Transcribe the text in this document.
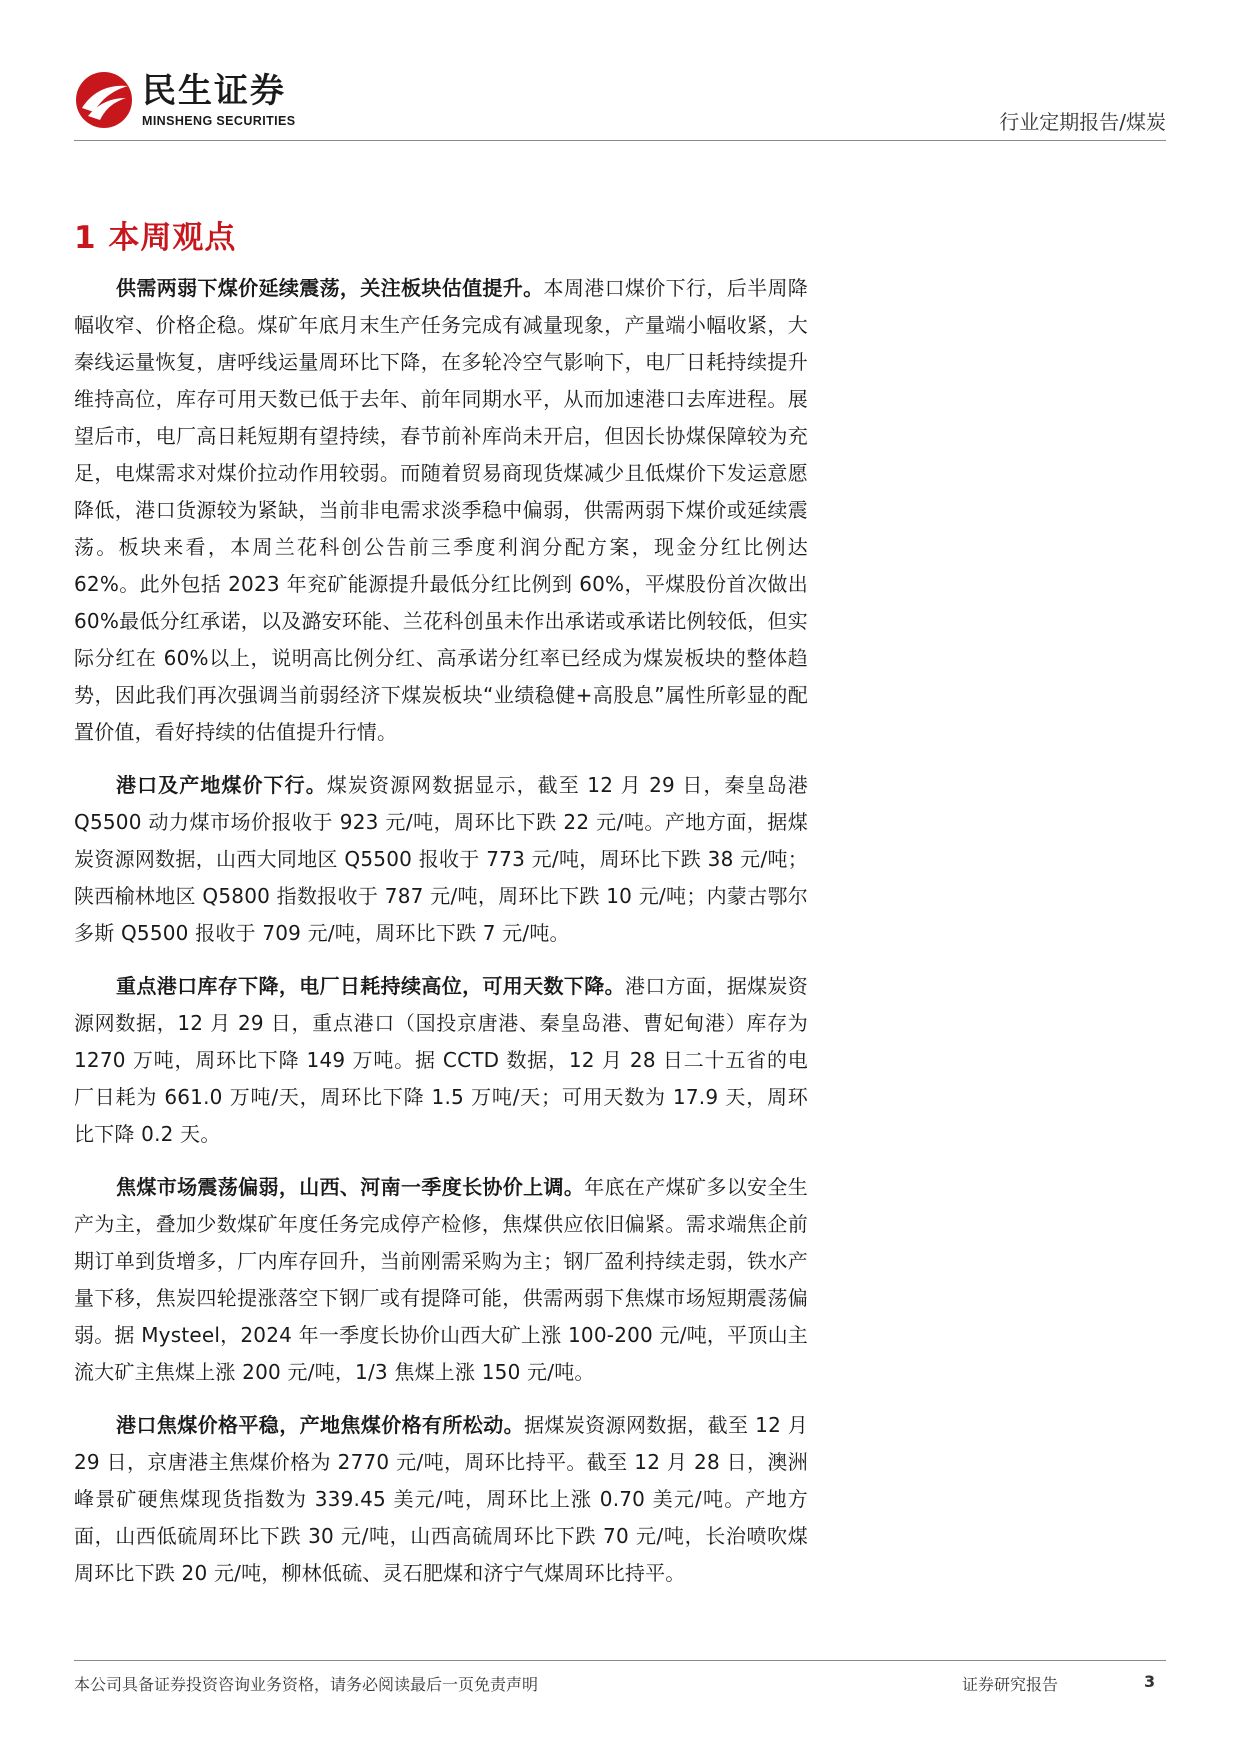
民生证券
MINSHENG SECURITIES	行业定期报告/煤炭
1 本周观点

供需两弱下煤价延续震荡，关注板块估值提升。本周港口煤价下行，后半周降幅收窄、价格企稳。煤矿年底月末生产任务完成有减量现象，产量端小幅收紧，大秦线运量恢复，唐呼线运量周环比下降，在多轮冷空气影响下，电厂日耗持续提升维持高位，库存可用天数已低于去年、前年同期水平，从而加速港口去库进程。展望后市，电厂高日耗短期有望持续，春节前补库尚未开启，但因长协煤保障较为充足，电煤需求对煤价拉动作用较弱。而随着贸易商现货煤减少且低煤价下发运意愿降低，港口货源较为紧缺，当前非电需求淡季稳中偏弱，供需两弱下煤价或延续震荡。板块来看，本周兰花科创公告前三季度利润分配方案，现金分红比例达 62%。此外包括 2023 年兖矿能源提升最低分红比例到 60%，平煤股份首次做出 60%最低分红承诺，以及潞安环能、兰花科创虽未作出承诺或承诺比例较低，但实际分红在 60%以上，说明高比例分红、高承诺分红率已经成为煤炭板块的整体趋势，因此我们再次强调当前弱经济下煤炭板块“业绩稳健+高股息”属性所彰显的配置价值，看好持续的估值提升行情。

港口及产地煤价下行。煤炭资源网数据显示，截至 12 月 29 日，秦皇岛港 Q5500 动力煤市场价报收于 923 元/吨，周环比下跌 22 元/吨。产地方面，据煤炭资源网数据，山西大同地区 Q5500 报收于 773 元/吨，周环比下跌 38 元/吨；陕西榆林地区 Q5800 指数报收于 787 元/吨，周环比下跌 10 元/吨；内蒙古鄂尔多斯 Q5500 报收于 709 元/吨，周环比下跌 7 元/吨。

重点港口库存下降，电厂日耗持续高位，可用天数下降。港口方面，据煤炭资源网数据，12 月 29 日，重点港口（国投京唐港、秦皇岛港、曹妃甸港）库存为 1270 万吨，周环比下降 149 万吨。据 CCTD 数据，12 月 28 日二十五省的电厂日耗为 661.0 万吨/天，周环比下降 1.5 万吨/天；可用天数为 17.9 天，周环比下降 0.2 天。

焦煤市场震荡偏弱，山西、河南一季度长协价上调。年底在产煤矿多以安全生产为主，叠加少数煤矿年度任务完成停产检修，焦煤供应依旧偏紧。需求端焦企前期订单到货增多，厂内库存回升，当前刚需采购为主；钢厂盈利持续走弱，铁水产量下移，焦炭四轮提涨落空下钢厂或有提降可能，供需两弱下焦煤市场短期震荡偏弱。据 Mysteel，2024 年一季度长协价山西大矿上涨 100-200 元/吨，平顶山主流大矿主焦煤上涨 200 元/吨，1/3 焦煤上涨 150 元/吨。

港口焦煤价格平稳，产地焦煤价格有所松动。据煤炭资源网数据，截至 12 月 29 日，京唐港主焦煤价格为 2770 元/吨，周环比持平。截至 12 月 28 日，澳洲峰景矿硬焦煤现货指数为 339.45 美元/吨，周环比上涨 0.70 美元/吨。产地方面，山西低硫周环比下跌 30 元/吨，山西高硫周环比下跌 70 元/吨，长治喷吹煤周环比下跌 20 元/吨，柳林低硫、灵石肥煤和济宁气煤周环比持平。

本公司具备证券投资咨询业务资格，请务必阅读最后一页免责声明	证券研究报告	3
